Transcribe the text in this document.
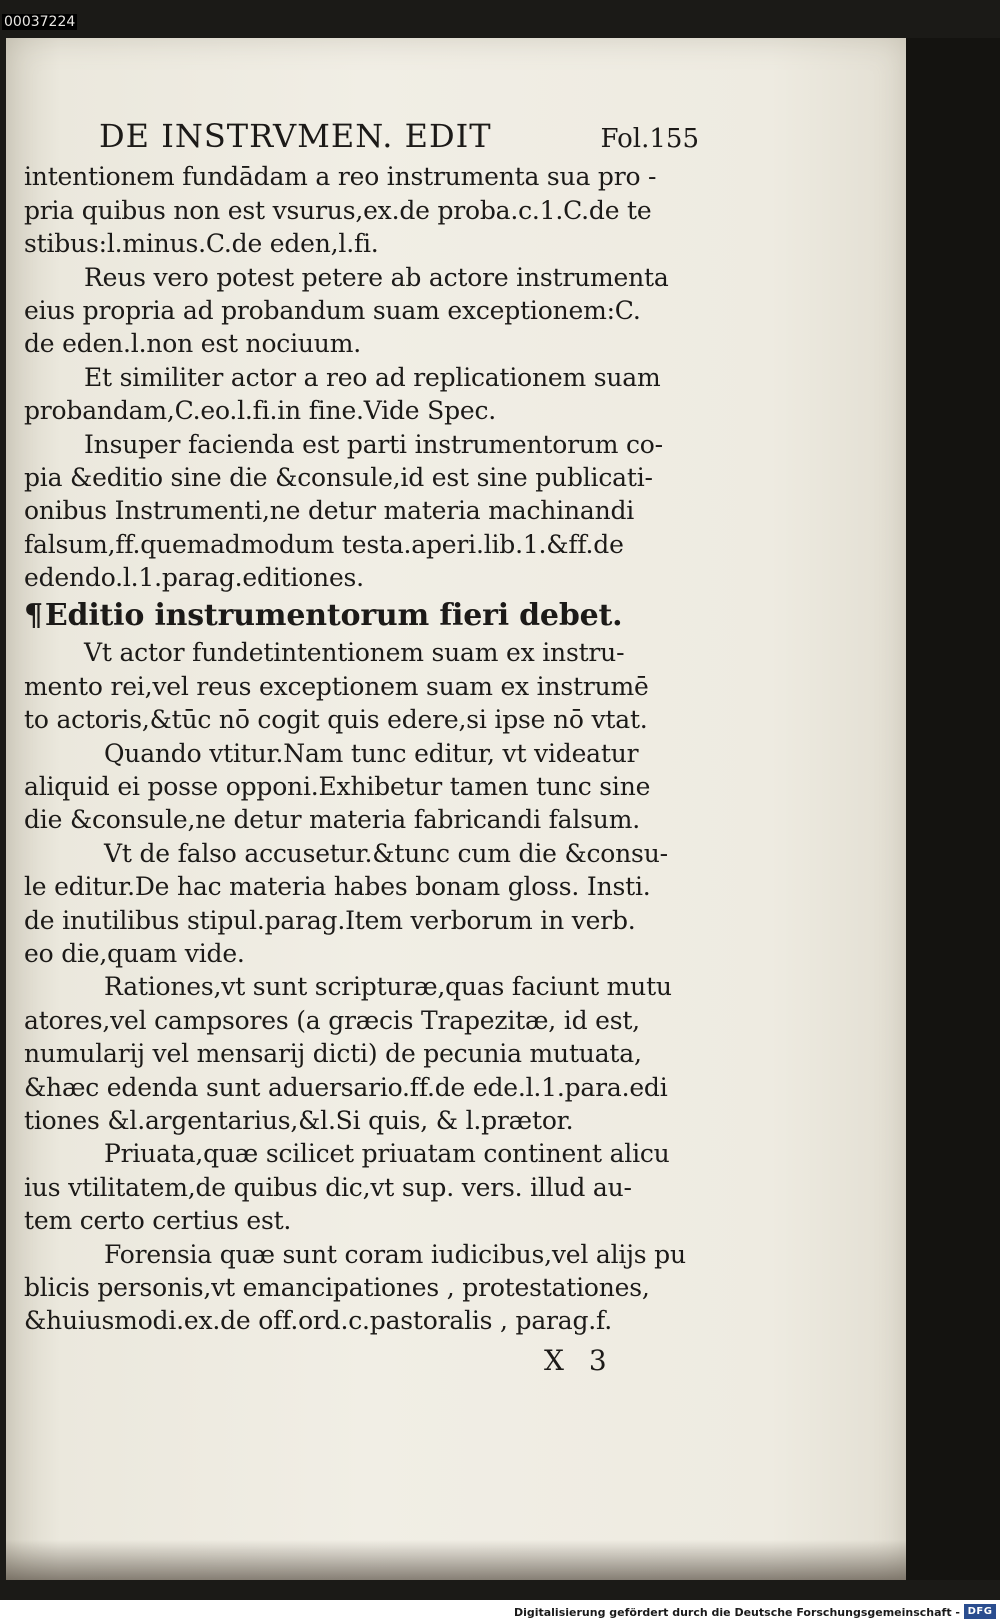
00037224
DE INSTRVMEN. EDIT	Fol.155
intentionem fundādam a reo instrumenta sua pro -
pria quibus non est vsurus,ex.de proba.c.1.C.de te
stibus:l.minus.C.de eden,l.fi.
Reus vero potest petere ab actore instrumenta
eius propria ad probandum suam exceptionem:C.
de eden.l.non est nociuum.
Et similiter actor a reo ad replicationem suam
probandam,C.eo.l.fi.in fine.Vide Spec.
Insuper facienda est parti instrumentorum co-
pia &editio sine die &consule,id est sine publicati-
onibus Instrumenti,ne detur materia machinandi
falsum,ff.quemadmodum testa.aperi.lib.1.&ff.de
edendo.l.1.parag.editiones.
¶Editio instrumentorum fieri debet.
Vt actor fundetintentionem suam ex instru-
mento rei,vel reus exceptionem suam ex instrumē
to actoris,&tūc nō cogit quis edere,si ipse nō vtat.
Quando vtitur.Nam tunc editur, vt videatur
aliquid ei posse opponi.Exhibetur tamen tunc sine
die &consule,ne detur materia fabricandi falsum.
Vt de falso accusetur.&tunc cum die &consu-
le editur.De hac materia habes bonam gloss. Insti.
de inutilibus stipul.parag.Item verborum in verb.
eo die,quam vide.
Rationes,vt sunt scripturæ,quas faciunt mutu
atores,vel campsores (a græcis Trapezitæ, id est,
numularij vel mensarij dicti) de pecunia mutuata,
&hæc edenda sunt aduersario.ff.de ede.l.1.para.edi
tiones &l.argentarius,&l.Si quis, & l.prætor.
Priuata,quæ scilicet priuatam continent alicu
ius vtilitatem,de quibus dic,vt sup. vers. illud au-
tem certo certius est.
Forensia quæ sunt coram iudicibus,vel alijs pu
blicis personis,vt emancipationes , protestationes,
&huiusmodi.ex.de off.ord.c.pastoralis , parag.f.
X 3
Digitalisierung gefördert durch die Deutsche Forschungsgemeinschaft - DFG
